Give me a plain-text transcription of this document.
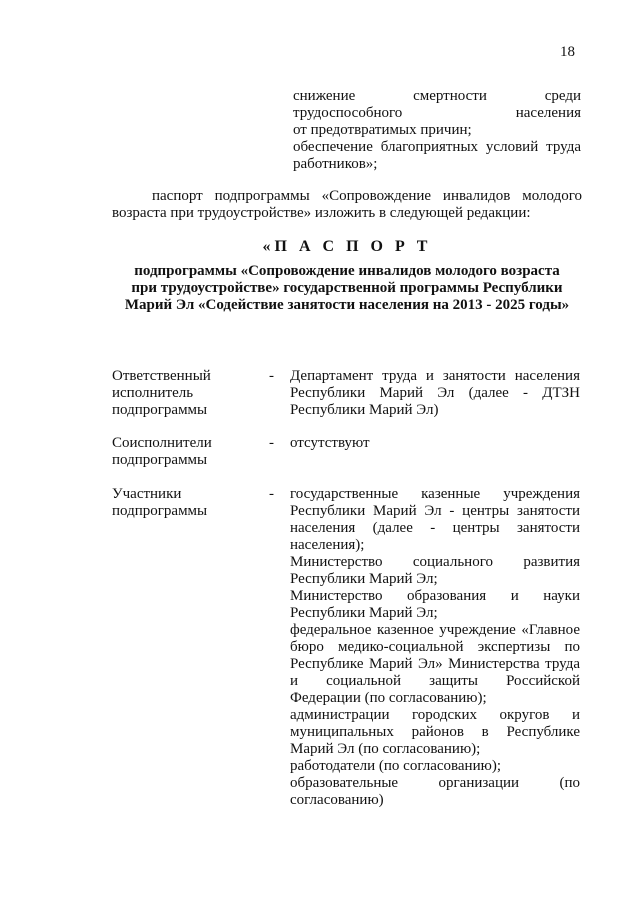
18

снижение смертности среди трудоспособного населения

от предотвратимых причин;

обеспечение благоприятных условий труда работников»;

паспорт подпрограммы «Сопровождение инвалидов молодого возраста при трудоустройстве» изложить в следующей редакции:
«П А С П О Р Т
подпрограммы «Сопровождение инвалидов молодого возраста
при трудоустройстве» государственной программы Республики
Марий Эл «Содействие занятости населения на 2013 - 2025 годы»
Ответственный исполнитель подпрограммы
- Департамент труда и занятости населения Республики Марий Эл (далее - ДТЗН Республики Марий Эл)

Соисполнители подпрограммы
- отсутствуют

Участники подпрограммы
- государственные казенные учреждения Республики Марий Эл - центры занятости населения (далее - центры занятости населения);

Министерство социального развития Республики Марий Эл;

Министерство образования и науки Республики Марий Эл;

федеральное казенное учреждение «Главное бюро медико-социальной экспертизы по Республике Марий Эл» Министерства труда и социальной защиты Российской Федерации (по согласованию);

администрации городских округов и муниципальных районов в Республике Марий Эл (по согласованию);

работодатели (по согласованию);

образовательные организации (по согласованию)
